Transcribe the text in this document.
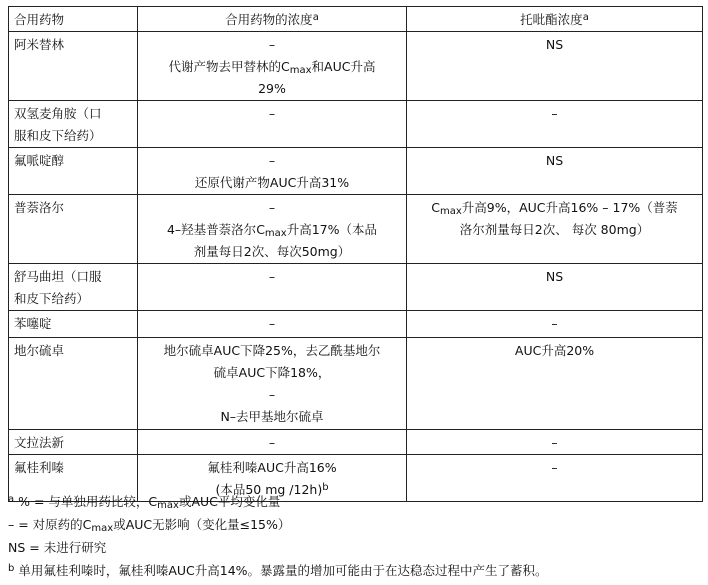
合用药物	合用药物的浓度$^a$	托吡酯浓度$^a$

阿米替林	–
代谢产物去甲替林的$C_{max}$和AUC升高
29%	NS

双氢麦角胺（口
服和皮下给药）	–	–

氟哌啶醇	–
还原代谢产物AUC升高31%	NS

普萘洛尔	–
4–羟基普萘洛尔$C_{max}$升高17%（本品
剂量每日2次、每次50mg）	$C_{max}$升高9%，AUC升高16% – 17%（普萘
洛尔剂量每日2次、 每次 80mg）

舒马曲坦（口服
和皮下给药）	–	NS

苯噻啶	–	–

地尔硫卓	地尔硫卓AUC下降25%，去乙酰基地尔
硫卓AUC下降18%，
–
N–去甲基地尔硫卓	AUC升高20%

文拉法新	–	–

氟桂利嗪	氟桂利嗪AUC升高16%
(本品50 mg /12h)$^b$	–
$^a$ % = 与单独用药比较，$C_{max}$或AUC平均变化量
– = 对原药的$C_{max}$或AUC无影响（变化量≤15%）
NS = 未进行研究
$^b$ 单用氟桂利嗪时，氟桂利嗪AUC升高14%。暴露量的增加可能由于在达稳态过程中产生了蓄积。
